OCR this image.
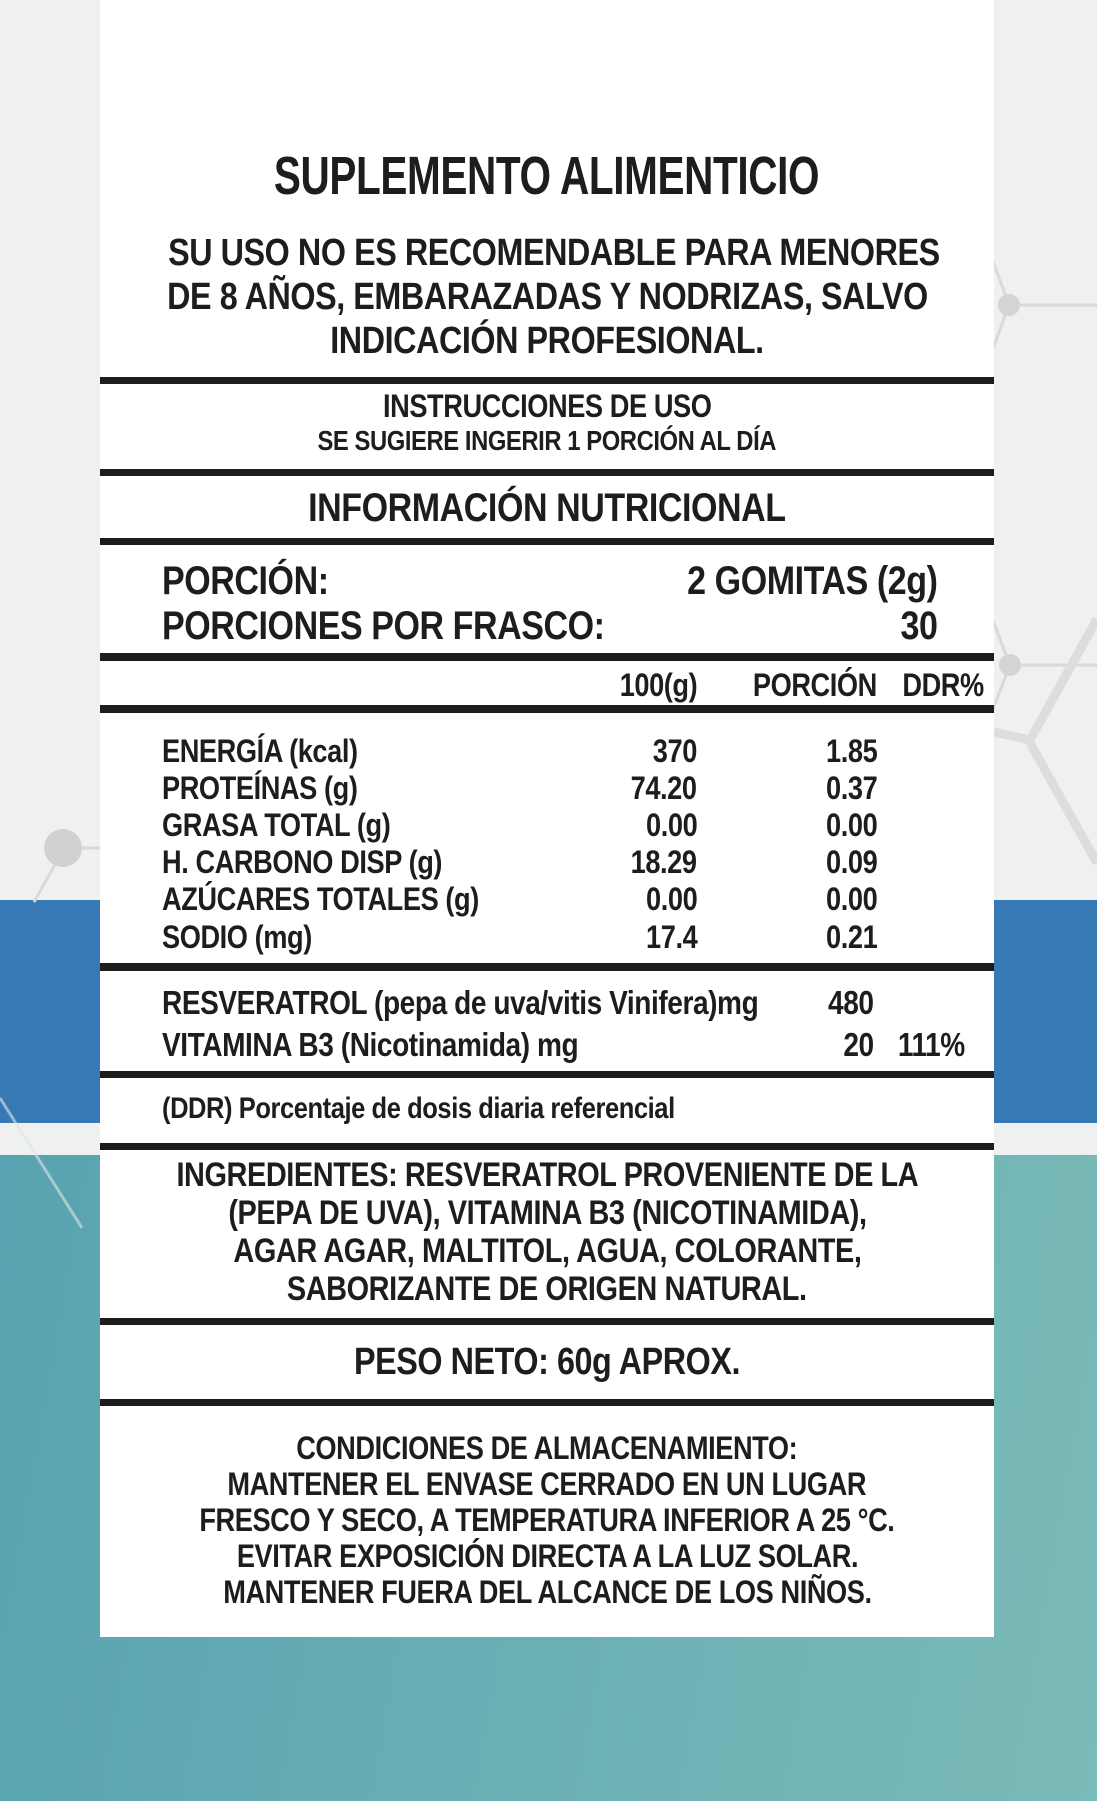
SUPLEMENTO ALIMENTICIO
SU USO NO ES RECOMENDABLE PARA MENORES
DE 8 AÑOS, EMBARAZADAS Y NODRIZAS, SALVO
INDICACIÓN PROFESIONAL.
INSTRUCCIONES DE USO
SE SUGIERE INGERIR 1 PORCIÓN AL DÍA
INFORMACIÓN NUTRICIONAL
PORCIÓN:	2 GOMITAS (2g)
PORCIONES POR FRASCO:	30
100(g)	PORCIÓN DDR%
ENERGÍA (kcal)	370	1.85
PROTEÍNAS (g)	74.20	0.37
GRASA TOTAL (g)	0.00	0.00
H. CARBONO DISP (g)	18.29	0.09
AZÚCARES TOTALES (g)	0.00	0.00
SODIO (mg)	17.4	0.21
RESVERATROL (pepa de uva/vitis Vinifera)mg	480
VITAMINA B3 (Nicotinamida) mg	20 111%
(DDR) Porcentaje de dosis diaria referencial
INGREDIENTES: RESVERATROL PROVENIENTE DE LA
(PEPA DE UVA), VITAMINA B3 (NICOTINAMIDA),
AGAR AGAR, MALTITOL, AGUA, COLORANTE,
SABORIZANTE DE ORIGEN NATURAL.
PESO NETO: 60g APROX.
CONDICIONES DE ALMACENAMIENTO:
MANTENER EL ENVASE CERRADO EN UN LUGAR
FRESCO Y SECO, A TEMPERATURA INFERIOR A 25 °C.
EVITAR EXPOSICIÓN DIRECTA A LA LUZ SOLAR.
MANTENER FUERA DEL ALCANCE DE LOS NIÑOS.
